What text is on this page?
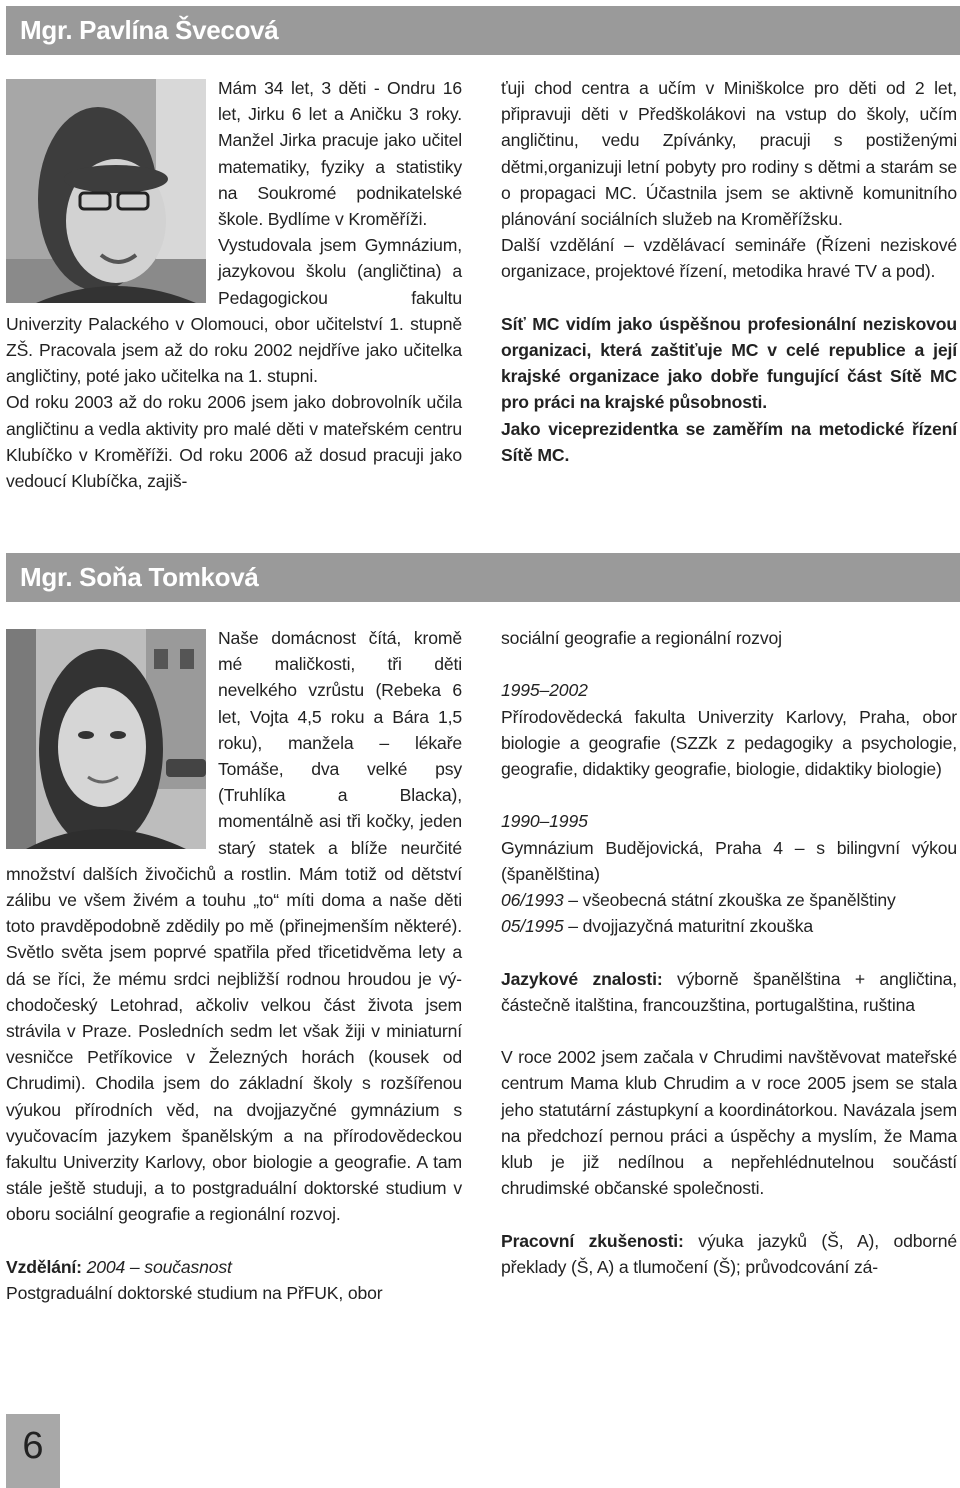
Mgr. Pavlína Švecová

Mám 34 let, 3 děti - Ondru 16 let, Jirku 6 let a Aničku 3 roky. Manžel Jirka pracuje jako učitel matematiky, fyziky a statistiky na Soukromé podnikatelské škole. Bydlíme v Kroměříži.

Vystudovala jsem Gymnázium, jazykovou školu (angličtina) a Pedagogickou fakultu Univerzity Palackého v Olomouci, obor učitelství 1. stupně ZŠ. Pracovala jsem až do roku 2002 nejdříve jako učitelka angličtiny, poté jako učitelka na 1. stupni.

Od roku 2003 až do roku 2006 jsem jako dobrovolník učila angličtinu a vedla aktivity pro malé děti v mateřském centru Klubíčko v Kroměříži. Od roku 2006 až dosud pracuji jako vedoucí Klubíčka, zajiš-

ťuji chod centra a učím v Miniškolce pro děti od 2 let, připravuji děti v Předškolákovi na vstup do školy, učím angličtinu, vedu Zpívánky, pracuji s postiženými dětmi,organizuji letní pobyty pro rodiny s dětmi a starám se o propagaci MC. Účastnila jsem se aktivně komunitního plánování sociálních služeb na Kroměřížsku.

Další vzdělání – vzdělávací semináře (Řízeni neziskové organizace, projektové řízení, metodika hravé TV a pod).

Síť MC vidím jako úspěšnou profesionální neziskovou organizaci, která zaštiťuje MC v celé republice a její krajské organizace jako dobře fungující část Sítě MC pro práci na krajské působnosti.

Jako viceprezidentka se zaměřím na metodické řízení Sítě MC.

Mgr. Soňa Tomková

Naše domácnost čítá, kromě mé maličkosti, tři děti nevelkého vzrůstu (Rebeka 6 let, Vojta 4,5 roku a Bára 1,5 roku), manžela – lékaře Tomáše, dva velké psy (Truhlíka a Blacka), momentálně asi tři kočky, jeden starý statek a blíže neurčité množství dalších živočichů a rostlin. Mám totiž od dětství zálibu ve všem živém a touhu „to“ míti doma a naše děti toto pravděpodobně zdědily po mě (přinejmenším některé). Světlo světa jsem poprvé spatřila před třicetidvěma lety a dá se říci, že mému srdci nejbližší rodnou hroudou je východočeský Letohrad, ačkoliv velkou část života jsem strávila v Praze. Posledních sedm let však žiji v miniaturní vesničce Petříkovice v Železných horách (kousek od Chrudimi). Chodila jsem do základní školy s rozšířenou výukou přírodních věd, na dvojjazyčné gymnázium s vyučovacím jazykem španělským a na přírodovědeckou fakultu Univerzity Karlovy, obor biologie a geografie. A tam stále ještě studuji, a to postgraduální doktorské studium v oboru sociální geografie a regionální rozvoj.

Vzdělání: 2004 – současnost

Postgraduální doktorské studium na PřFUK, obor

sociální geografie a regionální rozvoj

1995–2002

Přírodovědecká fakulta Univerzity Karlovy, Praha, obor biologie a geografie (SZZk z pedagogiky a psychologie, geografie, didaktiky geografie, biologie, didaktiky biologie)

1990–1995

Gymnázium Budějovická, Praha 4 – s bilingvní výkou (španělština)

06/1993 – všeobecná státní zkouška ze španělštiny

05/1995 – dvojjazyčná maturitní zkouška

Jazykové znalosti: výborně španělština + angličtina, částečně italština, francouzština, portugalština, ruština

V roce 2002 jsem začala v Chrudimi navštěvovat mateřské centrum Mama klub Chrudim a v roce 2005 jsem se stala jeho statutární zástupkyní a koordinátorkou. Navázala jsem na předchozí pernou práci a úspěchy a myslím, že Mama klub je již nedílnou a nepřehlédnutelnou součástí chrudimské občanské společnosti.

Pracovní zkušenosti: výuka jazyků (Š, A), odborné překlady (Š, A) a tlumočení (Š); průvodcování zá-

6
